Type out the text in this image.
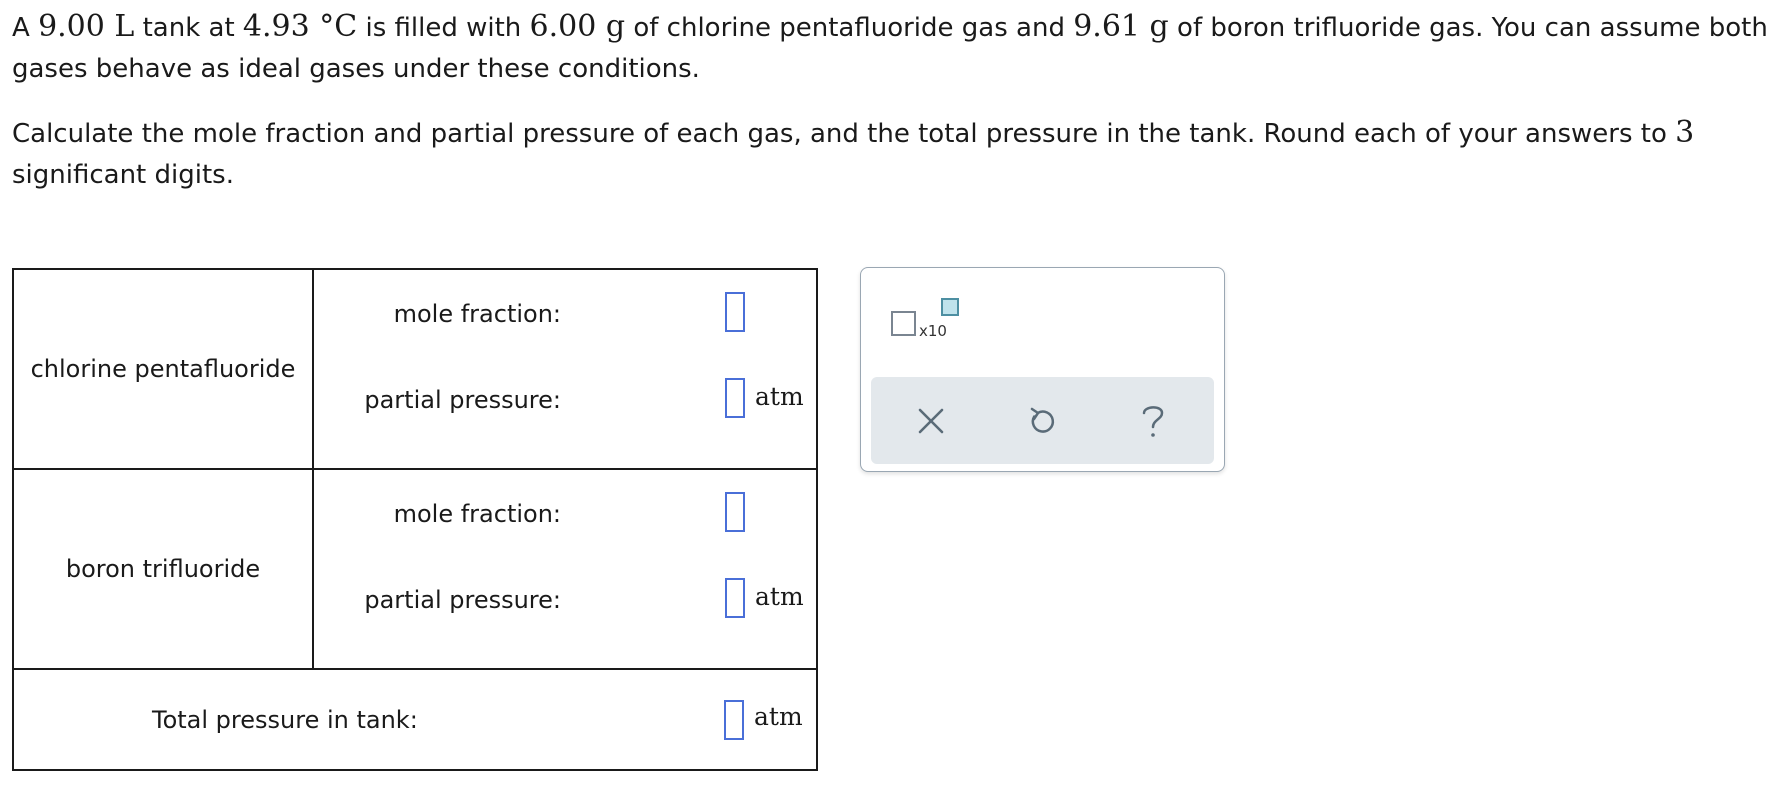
A 9.00 L tank at 4.93 °C is filled with 6.00 g of chlorine pentafluoride gas and 9.61 g of boron trifluoride gas. You can assume both gases behave as ideal gases under these conditions.

Calculate the mole fraction and partial pressure of each gas, and the total pressure in the tank. Round each of your answers to 3 significant digits.

chlorine pentafluoride	mole fraction:
partial pressure: atm

boron trifluoride	mole fraction:
partial pressure: atm

Total pressure in tank: atm	
x10
